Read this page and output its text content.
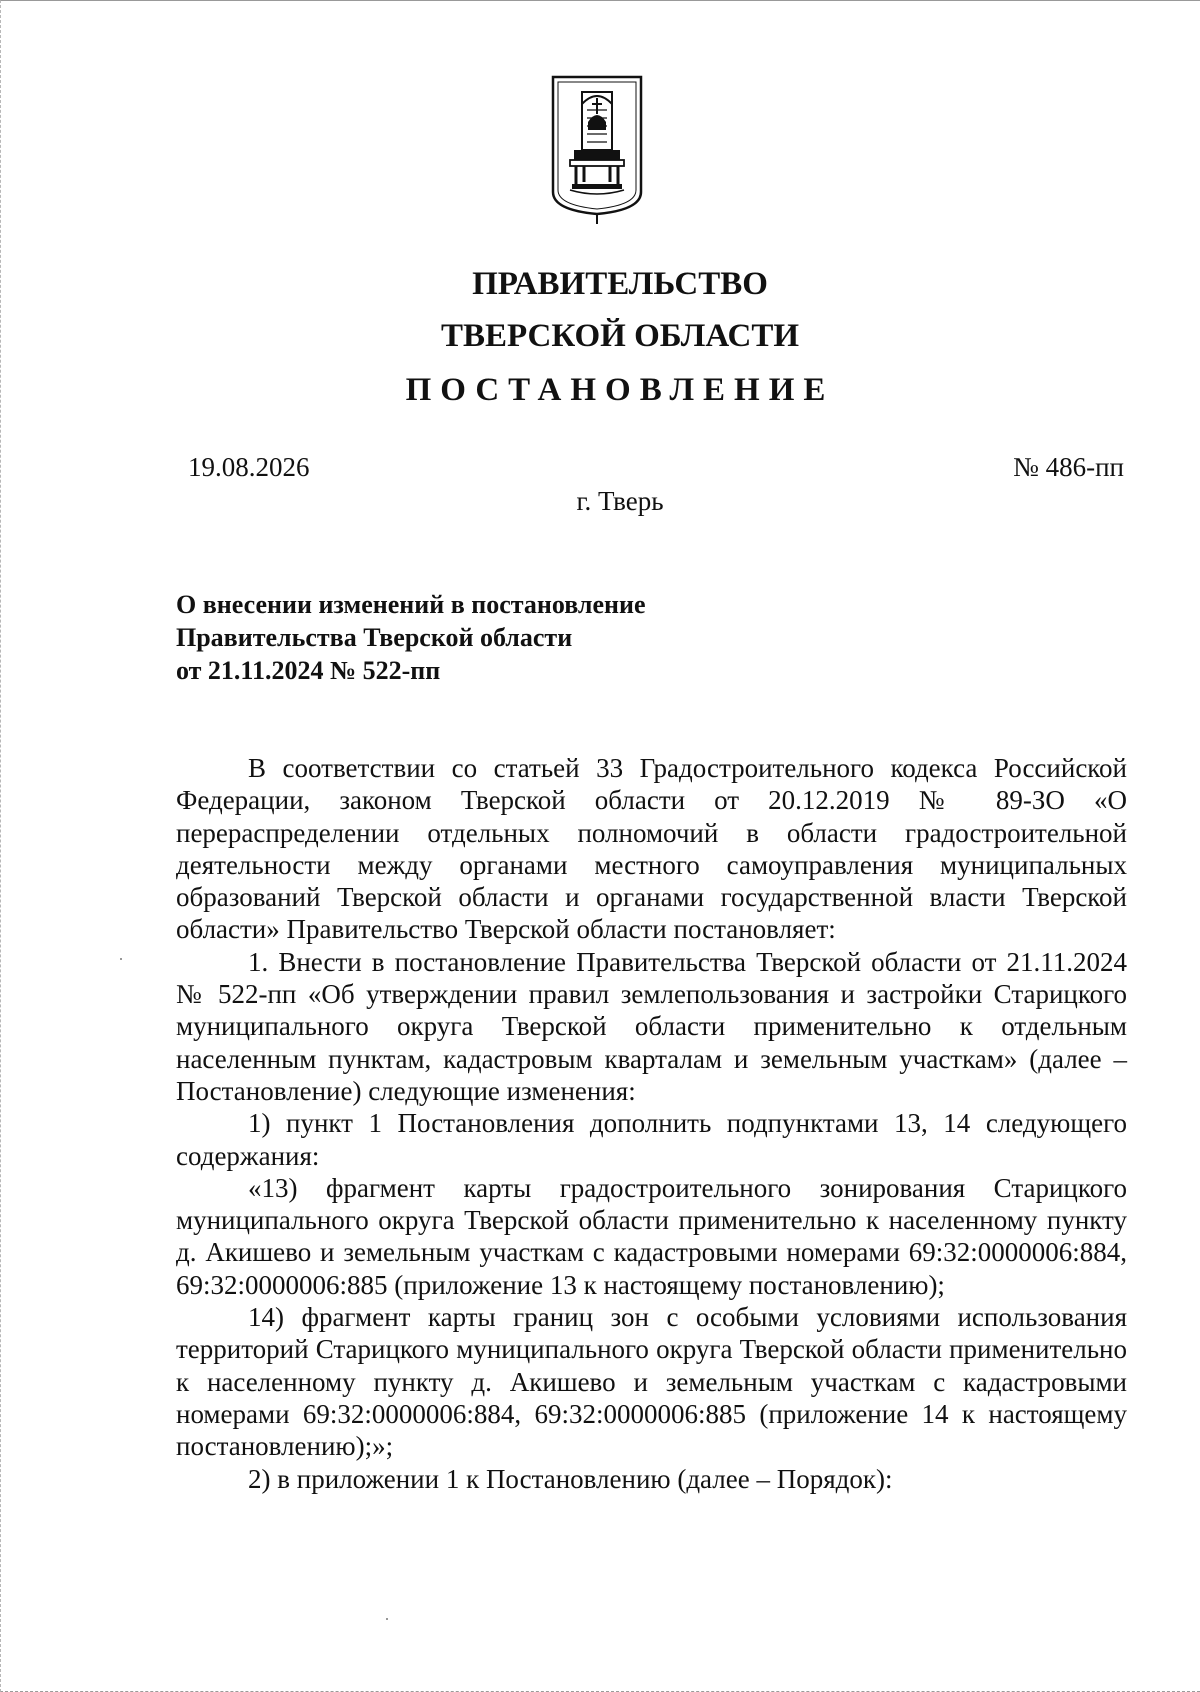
ПРАВИТЕЛЬСТВО
ТВЕРСКОЙ ОБЛАСТИ
ПОСТАНОВЛЕНИЕ
19.08.2026	№ 486-пп
г. Тверь
О внесении изменений в постановление
Правительства Тверской области
от 21.11.2024 № 522-пп

В соответствии со статьей 33 Градостроительного кодекса Российской Федерации, законом Тверской области от 20.12.2019 № 89-ЗО «О перераспределении отдельных полномочий в области градостроительной деятельности между органами местного самоуправления муниципальных образований Тверской области и органами государственной власти Тверской области» Правительство Тверской области постановляет:

1. Внести в постановление Правительства Тверской области от 21.11.2024 № 522-пп «Об утверждении правил землепользования и застройки Старицкого муниципального округа Тверской области применительно к отдельным населенным пунктам, кадастровым кварталам и земельным участкам» (далее – Постановление) следующие изменения:

1) пункт 1 Постановления дополнить подпунктами 13, 14 следующего содержания:

«13) фрагмент карты градостроительного зонирования Старицкого муниципального округа Тверской области применительно к населенному пункту д. Акишево и земельным участкам с кадастровыми номерами 69:32:0000006:884, 69:32:0000006:885 (приложение 13 к настоящему постановлению);

14) фрагмент карты границ зон с особыми условиями использования территорий Старицкого муниципального округа Тверской области применительно к населенному пункту д. Акишево и земельным участкам с кадастровыми номерами 69:32:0000006:884, 69:32:0000006:885 (приложение 14 к настоящему постановлению);»;

2) в приложении 1 к Постановлению (далее – Порядок):
